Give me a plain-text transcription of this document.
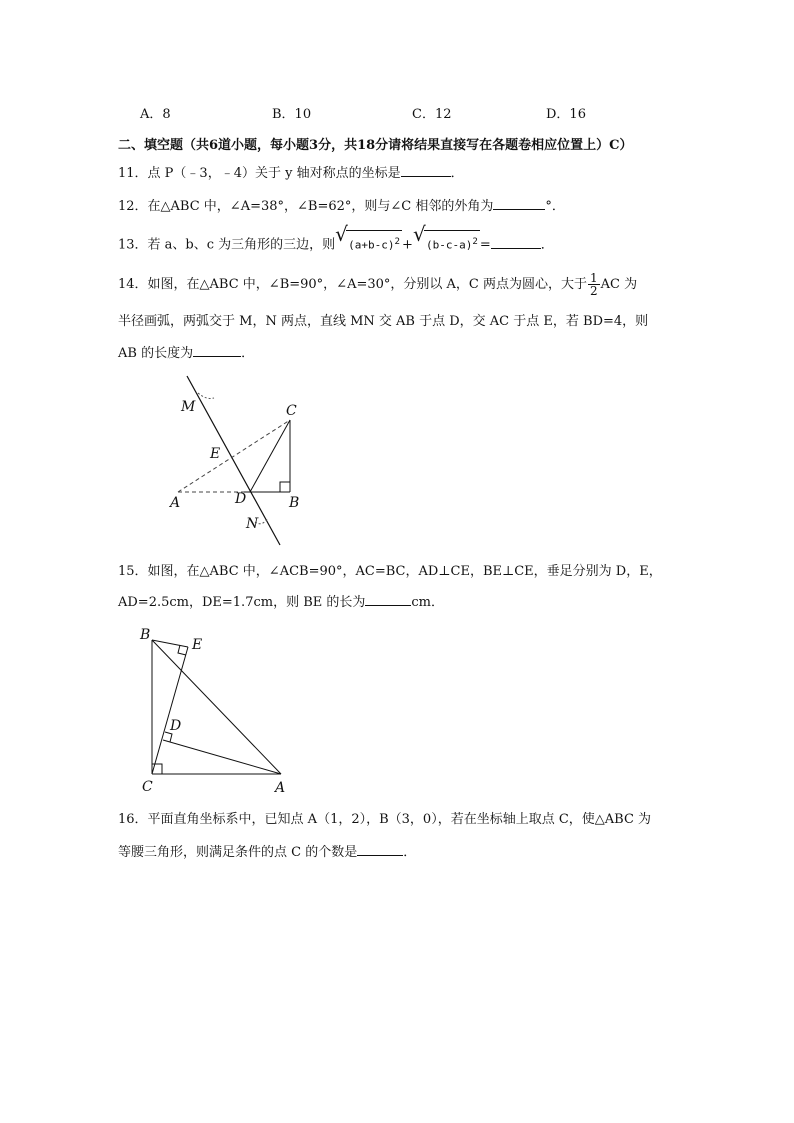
A．8	B．10	C．12	D．16
二、填空题（共6道小题，每小题3分，共18分请将结果直接写在各题卷相应位置上）C）
11．点 P（﹣3，﹣4）关于 y 轴对称点的坐标是	．
12．在△ABC 中，∠A=38°，∠B=62°，则与∠C 相邻的外角为	°．
13．若 a、b、c 为三角形的三边，则 √ $(a+b-c)^2$ + √ $(b-c-a)^2$ =	．
14．如图，在△ABC 中，∠B=90°，∠A=30°，分别以 A，C 两点为圆心，大于 $\frac{1}{2}$ AC 为
半径画弧，两弧交于 M，N 两点，直线 MN 交 AB 于点 D，交 AC 于点 E，若 BD=4，则
AB 的长度为	．
M	C
E
A	D	B
N
15．如图，在△ABC 中，∠ACB=90°，AC=BC，AD⊥CE，BE⊥CE，垂足分别为 D，E，
AD=2.5cm，DE=1.7cm，则 BE 的长为	cm．
B
E
D
C	A
16．平面直角坐标系中，已知点 A（1，2），B（3，0），若在坐标轴上取点 C，使△ABC 为
等腰三角形，则满足条件的点 C 的个数是	．
